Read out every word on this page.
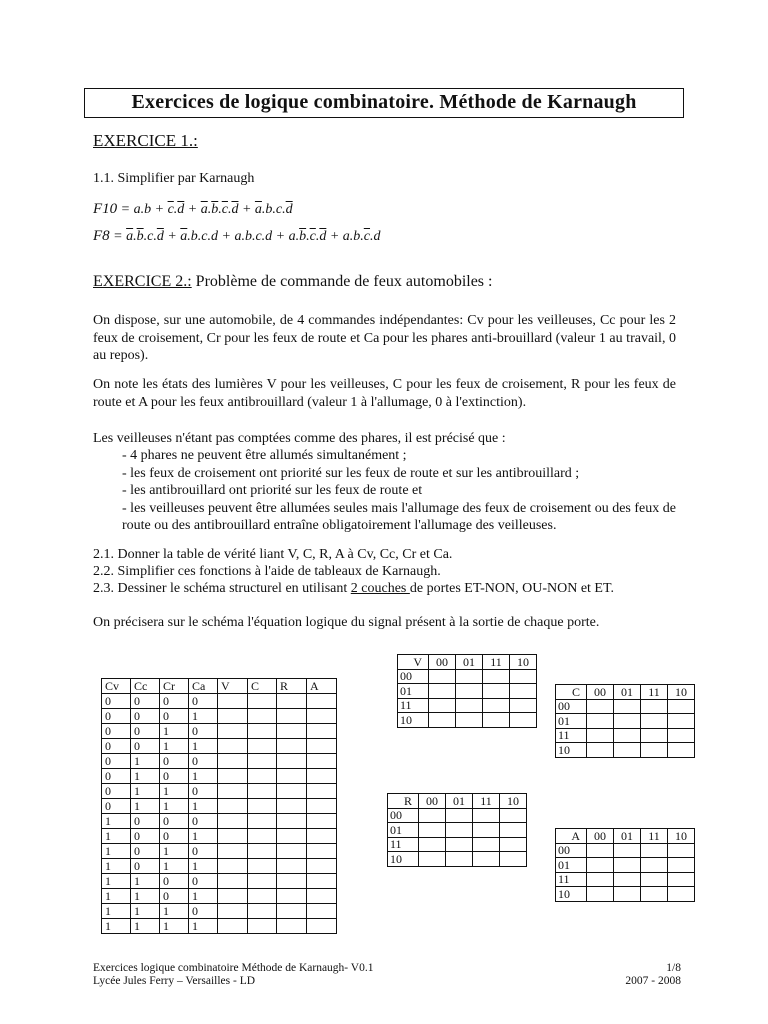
Exercices de logique combinatoire. Méthode de Karnaugh
EXERCICE 1.:
1.1. Simplifier par Karnaugh
$F10 = a.b + \overline{c}.\overline{d} + \overline{a}.\overline{b}.\overline{c}.\overline{d} + \overline{a}.b.c.\overline{d}$
$F8 = \overline{a}.\overline{b}.c.\overline{d} + \overline{a}.b.c.d + a.b.c.d + a.\overline{b}.\overline{c}.\overline{d} + a.b.\overline{c}.d$
EXERCICE 2.: Problème de commande de feux automobiles :
On dispose, sur une automobile, de 4 commandes indépendantes: Cv pour les veilleuses, Cc pour les 2 feux de croisement, Cr pour les feux de route et Ca pour les phares anti-brouillard (valeur 1 au travail, 0 au repos).
On note les états des lumières V pour les veilleuses, C pour les feux de croisement, R pour les feux de route et A pour les feux antibrouillard (valeur 1 à l'allumage, 0 à l'extinction).
Les veilleuses n'étant pas comptées comme des phares, il est précisé que :
- 4 phares ne peuvent être allumés simultanément ;
- les feux de croisement ont priorité sur les feux de route et sur les antibrouillard ;
- les antibrouillard ont priorité sur les feux de route et
- les veilleuses peuvent être allumées seules mais l'allumage des feux de croisement ou des feux de route ou des antibrouillard entraîne obligatoirement l'allumage des veilleuses.
2.1. Donner la table de vérité liant V, C, R, A à Cv, Cc, Cr et Ca.
2.2. Simplifier ces fonctions à l'aide de tableaux de Karnaugh.
2.3. Dessiner le schéma structurel en utilisant 2 couches de portes ET-NON, OU-NON et ET.
On précisera sur le schéma l'équation logique du signal présent à la sortie de chaque porte.
Cv	Cc	Cr	Ca	V	C	R	A
0	0	0	0				
0	0	0	1				
0	0	1	0				
0	0	1	1				
0	1	0	0				
0	1	0	1				
0	1	1	0				
0	1	1	1				
1	0	0	0				
1	0	0	1				
1	0	1	0				
1	0	1	1				
1	1	0	0				
1	1	0	1				
1	1	1	0				
1	1	1	1				
V	00	01	11	10
00				
01				
11				
10				
C	00	01	11	10
00				
01				
11				
10				
R	00	01	11	10
00				
01				
11				
10				
A	00	01	11	10
00				
01				
11				
10				
Exercices logique combinatoire Méthode de Karnaugh- V0.1
Lycée Jules Ferry – Versailles - LD
1/8
2007 - 2008
